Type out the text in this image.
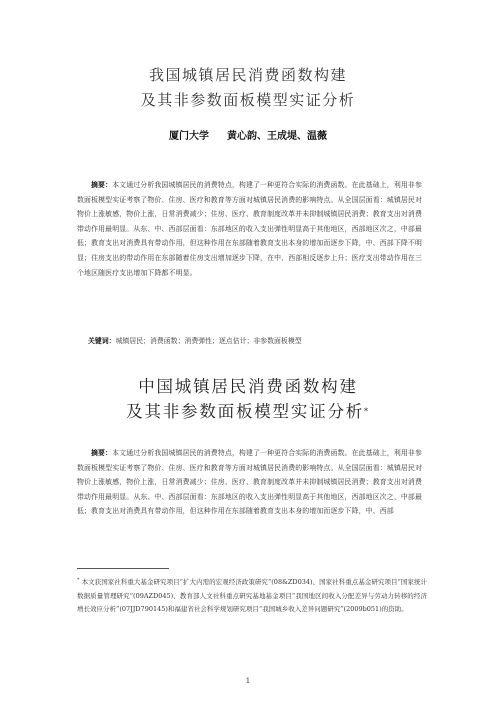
我国城镇居民消费函数构建
及其非参数面板模型实证分析
厦门大学 黄心韵、王成堤、温薇
摘要：本文通过分析我国城镇居民的消费特点，构建了一种更符合实际的消费函数。在此基础上，利用非参数面板模型实证考察了物价、住房、医疗和教育等方面对城镇居民消费的影响特点。从全国层面看：城镇居民对物价上涨敏感，物价上涨，日常消费减少；住房、医疗、教育制度改革并未抑制城镇居民消费；教育支出对消费带动作用最明显。从东、中、西部层面看：东部地区的收入支出弹性明显高于其他地区，西部地区次之，中部最低；教育支出对消费具有带动作用，但这种作用在东部随着教育支出本身的增加而逐步下降，中、西部下降不明显；住房支出的带动作用在东部随着住房支出增加逐步下降，在中、西部相反逐步上升；医疗支出带动作用在三个地区随医疗支出增加下降都不明显。
关键词：城镇居民；消费函数；消费弹性；逐点估计；非参数面板模型
中国城镇居民消费函数构建
及其非参数面板模型实证分析*
摘要：本文通过分析我国城镇居民的消费特点，构建了一种更符合实际的消费函数。在此基础上，利用非参数面板模型实证考察了物价、住房、医疗和教育等方面对城镇居民消费的影响特点。从全国层面看：城镇居民对物价上涨敏感，物价上涨，日常消费减少；住房、医疗、教育制度改革并未抑制城镇居民消费；教育支出对消费带动作用最明显。从东、中、西部层面看：东部地区的收入支出弹性明显高于其他地区，西部地区次之，中部最低；教育支出对消费具有带动作用，但这种作用在东部随着教育支出本身的增加而逐步下降，中、西部
* 本文获国家社科重大基金研究项目“扩大内需的宏观经济政策研究”(08&ZD034)、国家社科重点基金研究项目“国家统计数据质量管理研究”(09AZD045)、教育部人文社科重点研究基地基金项目“我国地区间收入分配差异与劳动力转移的经济增长效应分析”(07JJD790145)和福建省社会科学规划研究项目“我国城乡收入差异问题研究”(2009b051)的资助。
1
